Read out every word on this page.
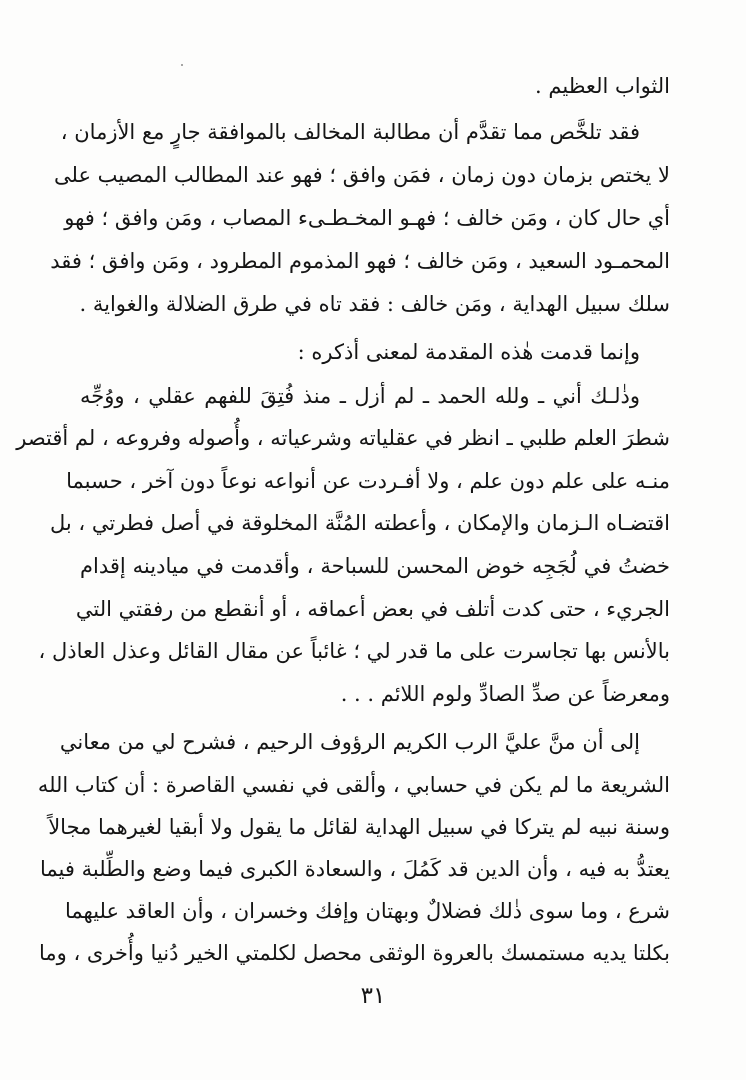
الثواب العظيم .
فقد تلخَّص مما تقدَّم أن مطالبة المخالف بالموافقة جارٍ مع الأزمان ،
لا يختص بزمان دون زمان ، فمَن وافق ؛ فهو عند المطالب المصيب على
أي حال كان ، ومَن خالف ؛ فهـو المخـطـىء المصاب ، ومَن وافق ؛ فهو
المحمـود السعيد ، ومَن خالف ؛ فهو المذموم المطرود ، ومَن وافق ؛ فقد
سلك سبيل الهداية ، ومَن خالف : فقد تاه في طرق الضلالة والغواية .
وإنما قدمت هٰذه المقدمة لمعنى أذكره :
وذٰلـك أني ـ ولله الحمد ـ لم أزل ـ منذ فُتِقَ للفهم عقلي ، ووُجِّه
شطرَ العلم طلبي ـ انظر في عقلياته وشرعياته ، وأُصوله وفروعه ، لم أقتصر
منـه على علم دون علم ، ولا أفـردت عن أنواعه نوعاً دون آخر ، حسبما
اقتضـاه الـزمان والإمكان ، وأعطته المُنَّة المخلوقة في أصل فطرتي ، بل
خضتُ في لُجَجِه خوض المحسن للسباحة ، وأقدمت في ميادينه إقدام
الجريء ، حتى كدت أتلف في بعض أعماقه ، أو أنقطع من رفقتي التي
بالأنس بها تجاسرت على ما قدر لي ؛ غائباً عن مقال القائل وعذل العاذل ،
ومعرضاً عن صدِّ الصادِّ ولوم اللائم . . .
إلى أن منَّ عليَّ الرب الكريم الرؤوف الرحيم ، فشرح لي من معاني
الشريعة ما لم يكن في حسابي ، وألقى في نفسي القاصرة : أن كتاب الله
وسنة نبيه لم يتركا في سبيل الهداية لقائل ما يقول ولا أبقيا لغيرهما مجالاً
يعتدُّ به فيه ، وأن الدين قد كَمُلَ ، والسعادة الكبرى فيما وضع والطِّلبة فيما
شرع ، وما سوى ذٰلك فضلالٌ وبهتان وإفك وخسران ، وأن العاقد عليهما
بكلتا يديه مستمسك بالعروة الوثقى محصل لكلمتي الخير دُنيا وأُخرى ، وما
٣١
